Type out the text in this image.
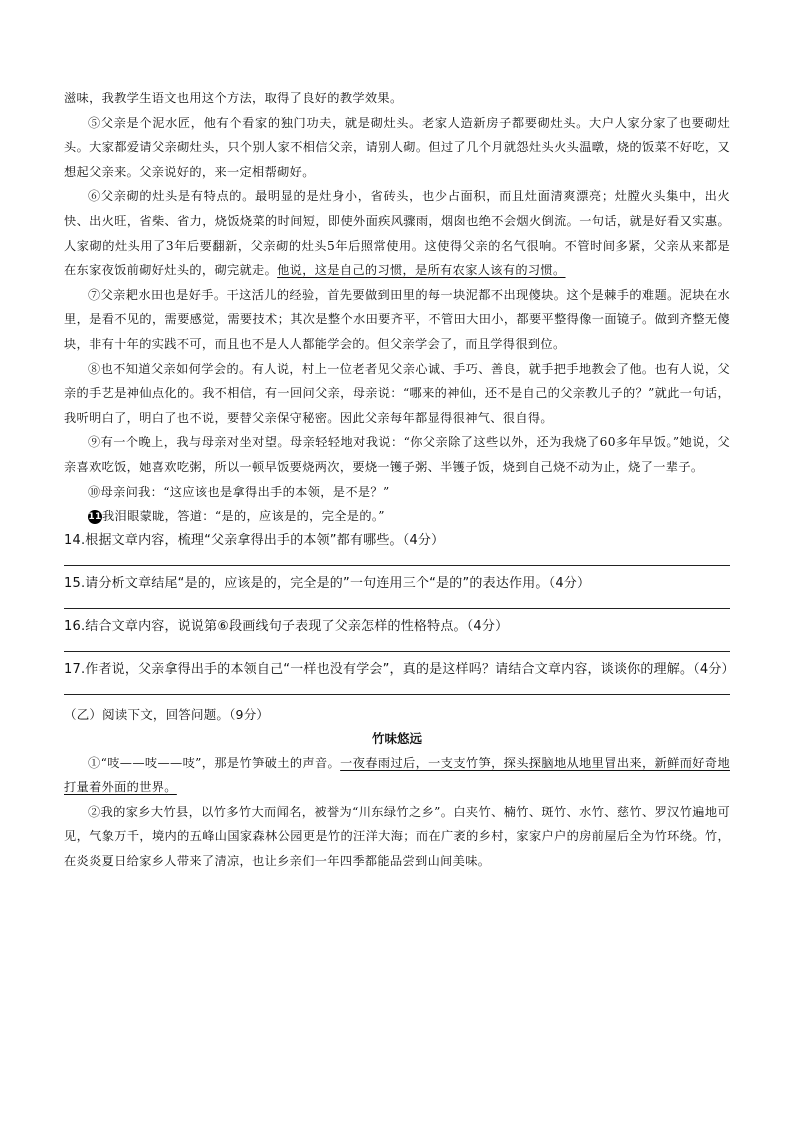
滋味，我教学生语文也用这个方法，取得了良好的教学效果。

⑤父亲是个泥水匠，他有个看家的独门功夫，就是砌灶头。老家人造新房子都要砌灶头。大户人家分家了也要砌灶头。大家都爱请父亲砌灶头，只个别人家不相信父亲，请别人砌。但过了几个月就怨灶头火头温暾，烧的饭菜不好吃，又想起父亲来。父亲说好的，来一定相帮砌好。

⑥父亲砌的灶头是有特点的。最明显的是灶身小，省砖头，也少占面积，而且灶面清爽漂亮；灶膛火头集中，出火快、出火旺，省柴、省力，烧饭烧菜的时间短，即使外面疾风骤雨，烟囱也绝不会烟火倒流。一句话，就是好看又实惠。人家砌的灶头用了3年后要翻新，父亲砌的灶头5年后照常使用。这使得父亲的名气很响。不管时间多紧，父亲从来都是在东家夜饭前砌好灶头的，砌完就走。他说，这是自己的习惯，是所有农家人该有的习惯。

⑦父亲耙水田也是好手。干这活儿的经验，首先要做到田里的每一块泥都不出现傻块。这个是棘手的难题。泥块在水里，是看不见的，需要感觉，需要技术；其次是整个水田要齐平，不管田大田小，都要平整得像一面镜子。做到齐整无傻块，非有十年的实践不可，而且也不是人人都能学会的。但父亲学会了，而且学得很到位。

⑧也不知道父亲如何学会的。有人说，村上一位老者见父亲心诚、手巧、善良，就手把手地教会了他。也有人说，父亲的手艺是神仙点化的。我不相信，有一回问父亲，母亲说：“哪来的神仙，还不是自己的父亲教儿子的？”就此一句话，我听明白了，明白了也不说，要替父亲保守秘密。因此父亲每年都显得很神气、很自得。

⑨有一个晚上，我与母亲对坐对望。母亲轻轻地对我说：“你父亲除了这些以外，还为我烧了60多年早饭。”她说，父亲喜欢吃饭，她喜欢吃粥，所以一顿早饭要烧两次，要烧一镬子粥、半镬子饭，烧到自己烧不动为止，烧了一辈子。

⑩母亲问我：“这应该也是拿得出手的本领，是不是？”

11我泪眼蒙眬，答道：“是的，应该是的，完全是的。”

14.根据文章内容，梳理“父亲拿得出手的本领”都有哪些。（4分）

15.请分析文章结尾“是的，应该是的，完全是的”一句连用三个“是的”的表达作用。（4分）

16.结合文章内容，说说第⑥段画线句子表现了父亲怎样的性格特点。（4分）

17.作者说，父亲拿得出手的本领自己“一样也没有学会”，真的是这样吗？请结合文章内容，谈谈你的理解。（4分）

（乙）阅读下文，回答问题。（9分）

竹味悠远

①“吱——吱——吱”，那是竹笋破土的声音。一夜春雨过后，一支支竹笋，探头探脑地从地里冒出来，新鲜而好奇地打量着外面的世界。

②我的家乡大竹县，以竹多竹大而闻名，被誉为“川东绿竹之乡”。白夹竹、楠竹、斑竹、水竹、慈竹、罗汉竹遍地可见，气象万千，境内的五峰山国家森林公园更是竹的汪洋大海；而在广袤的乡村，家家户户的房前屋后全为竹环绕。竹，在炎炎夏日给家乡人带来了清凉，也让乡亲们一年四季都能品尝到山间美味。
